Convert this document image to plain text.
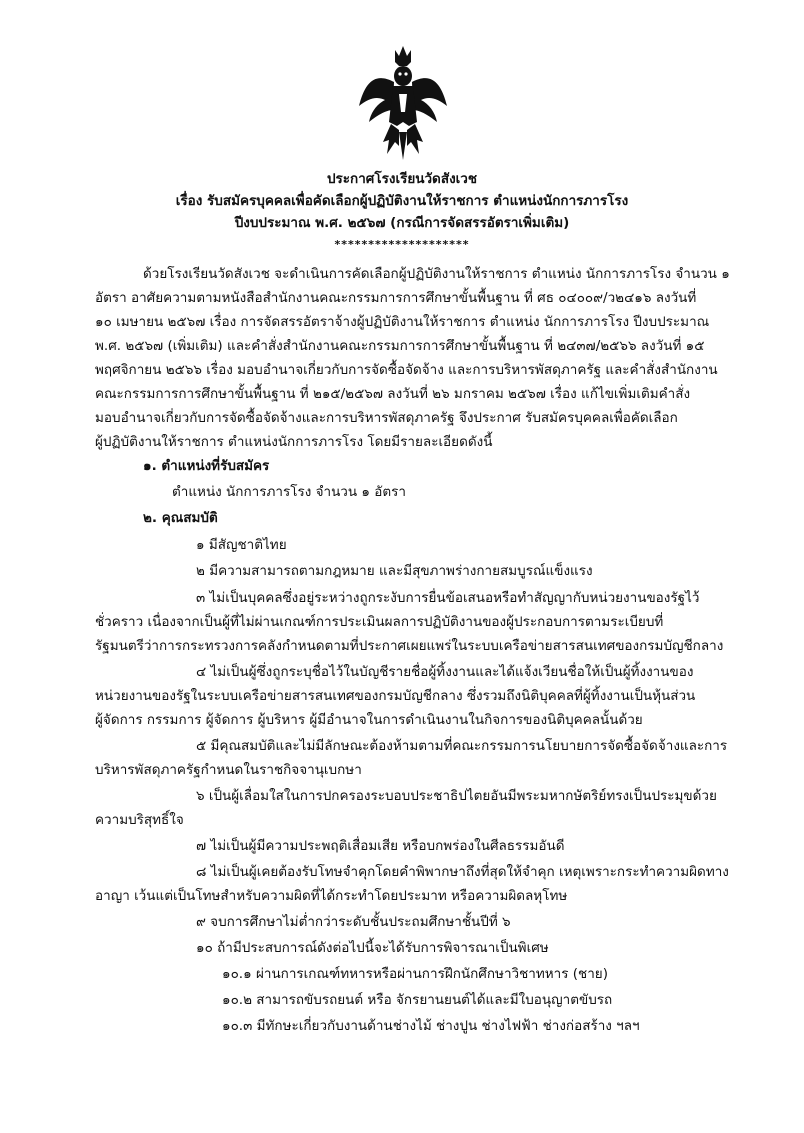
ประกาศโรงเรียนวัดสังเวช
เรื่อง รับสมัครบุคคลเพื่อคัดเลือกผู้ปฏิบัติงานให้ราชการ ตำแหน่งนักการภารโรง
ปีงบประมาณ พ.ศ. ๒๕๖๗ (กรณีการจัดสรรอัตราเพิ่มเติม)
********************
ด้วยโรงเรียนวัดสังเวช จะดำเนินการคัดเลือกผู้ปฏิบัติงานให้ราชการ ตำแหน่ง นักการภารโรง จำนวน ๑
อัตรา อาศัยความตามหนังสือสำนักงานคณะกรรมการการศึกษาขั้นพื้นฐาน ที่ ศธ ๐๔๐๐๙/ว๒๔๑๖ ลงวันที่
๑๐ เมษายน ๒๕๖๗ เรื่อง การจัดสรรอัตราจ้างผู้ปฏิบัติงานให้ราชการ ตำแหน่ง นักการภารโรง ปีงบประมาณ
พ.ศ. ๒๕๖๗ (เพิ่มเติม) และคำสั่งสำนักงานคณะกรรมการการศึกษาขั้นพื้นฐาน ที่ ๒๔๓๗/๒๕๖๖ ลงวันที่ ๑๕
พฤศจิกายน ๒๕๖๖ เรื่อง มอบอำนาจเกี่ยวกับการจัดซื้อจัดจ้าง และการบริหารพัสดุภาครัฐ และคำสั่งสำนักงาน
คณะกรรมการการศึกษาขั้นพื้นฐาน ที่ ๒๑๕/๒๕๖๗ ลงวันที่ ๒๖ มกราคม ๒๕๖๗ เรื่อง แก้ไขเพิ่มเติมคำสั่ง
มอบอำนาจเกี่ยวกับการจัดซื้อจัดจ้างและการบริหารพัสดุภาครัฐ จึงประกาศ รับสมัครบุคคลเพื่อคัดเลือก
ผู้ปฏิบัติงานให้ราชการ ตำแหน่งนักการภารโรง โดยมีรายละเอียดดังนี้
๑. ตำแหน่งที่รับสมัคร
ตำแหน่ง นักการภารโรง จำนวน ๑ อัตรา
๒. คุณสมบัติ
๑ มีสัญชาติไทย
๒ มีความสามารถตามกฎหมาย และมีสุขภาพร่างกายสมบูรณ์แข็งแรง
๓ ไม่เป็นบุคคลซึ่งอยู่ระหว่างถูกระงับการยื่นข้อเสนอหรือทำสัญญากับหน่วยงานของรัฐไว้
ชั่วคราว เนื่องจากเป็นผู้ที่ไม่ผ่านเกณฑ์การประเมินผลการปฏิบัติงานของผู้ประกอบการตามระเบียบที่
รัฐมนตรีว่าการกระทรวงการคลังกำหนดตามที่ประกาศเผยแพร่ในระบบเครือข่ายสารสนเทศของกรมบัญชีกลาง
๔ ไม่เป็นผู้ซึ่งถูกระบุชื่อไว้ในบัญชีรายชื่อผู้ทิ้งงานและได้แจ้งเวียนชื่อให้เป็นผู้ทิ้งงานของ
หน่วยงานของรัฐในระบบเครือข่ายสารสนเทศของกรมบัญชีกลาง ซึ่งรวมถึงนิติบุคคลที่ผู้ทิ้งงานเป็นหุ้นส่วน
ผู้จัดการ กรรมการ ผู้จัดการ ผู้บริหาร ผู้มีอำนาจในการดำเนินงานในกิจการของนิติบุคคลนั้นด้วย
๕ มีคุณสมบัติและไม่มีลักษณะต้องห้ามตามที่คณะกรรมการนโยบายการจัดซื้อจัดจ้างและการ
บริหารพัสดุภาครัฐกำหนดในราชกิจจานุเบกษา
๖ เป็นผู้เลื่อมใสในการปกครองระบอบประชาธิปไตยอันมีพระมหากษัตริย์ทรงเป็นประมุขด้วย
ความบริสุทธิ์ใจ
๗ ไม่เป็นผู้มีความประพฤติเสื่อมเสีย หรือบกพร่องในศีลธรรมอันดี
๘ ไม่เป็นผู้เคยต้องรับโทษจำคุกโดยคำพิพากษาถึงที่สุดให้จำคุก เหตุเพราะกระทำความผิดทาง
อาญา เว้นแต่เป็นโทษสำหรับความผิดที่ได้กระทำโดยประมาท หรือความผิดลหุโทษ
๙ จบการศึกษาไม่ต่ำกว่าระดับชั้นประถมศึกษาชั้นปีที่ ๖
๑๐ ถ้ามีประสบการณ์ดังต่อไปนี้จะได้รับการพิจารณาเป็นพิเศษ
๑๐.๑ ผ่านการเกณฑ์ทหารหรือผ่านการฝึกนักศึกษาวิชาทหาร (ชาย)
๑๐.๒ สามารถขับรถยนต์ หรือ จักรยานยนต์ได้และมีใบอนุญาตขับรถ
๑๐.๓ มีทักษะเกี่ยวกับงานด้านช่างไม้ ช่างปูน ช่างไฟฟ้า ช่างก่อสร้าง ฯลฯ
